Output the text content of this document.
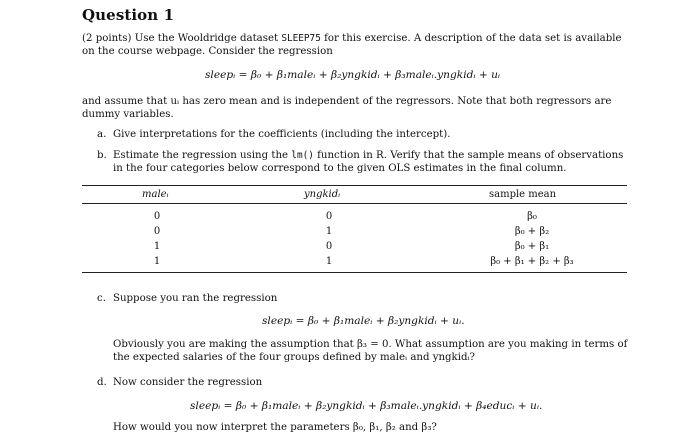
Question 1
(2 points) Use the Wooldridge dataset SLEEP75 for this exercise. A description of the data set is available on the course webpage. Consider the regression
sleepᵢ = β₀ + β₁maleᵢ + β₂yngkidᵢ + β₃maleᵢ.yngkidᵢ + uᵢ
and assume that uᵢ has zero mean and is independent of the regressors. Note that both regressors are dummy variables.
a. Give interpretations for the coefficients (including the intercept).
b. Estimate the regression using the lm() function in R. Verify that the sample means of observations in the four categories below correspond to the given OLS estimates in the final column.
maleᵢ	yngkidᵢ	sample mean
0	0	β₀
0	1	β₀ + β₂
1	0	β₀ + β₁
1	1	β₀ + β₁ + β₂ + β₃
c. Suppose you ran the regression
sleepᵢ = β₀ + β₁maleᵢ + β₂yngkidᵢ + uᵢ.
Obviously you are making the assumption that β₃ = 0. What assumption are you making in terms of the expected salaries of the four groups defined by maleᵢ and yngkidᵢ?
d. Now consider the regression
sleepᵢ = β₀ + β₁maleᵢ + β₂yngkidᵢ + β₃maleᵢ.yngkidᵢ + β₄educᵢ + uᵢ.
How would you now interpret the parameters β₀, β₁, β₂ and β₃?
